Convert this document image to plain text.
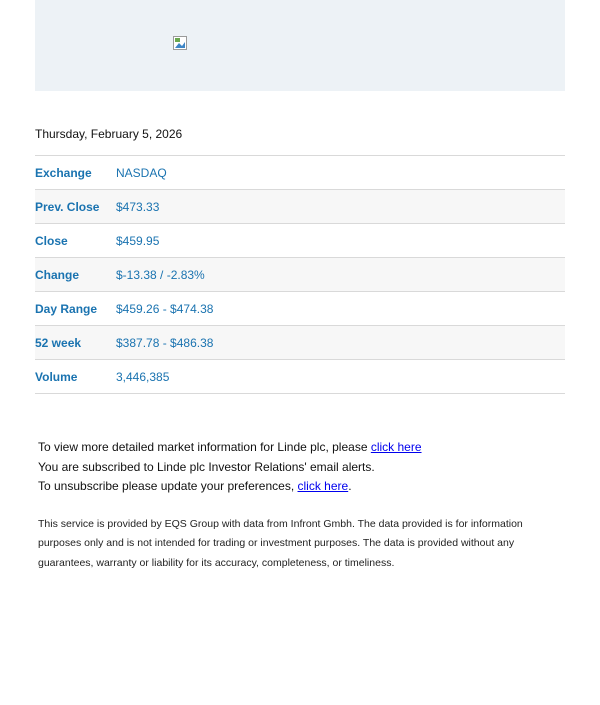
Thursday, February 5, 2026
Exchange	NASDAQ
Prev. Close	$473.33
Close	$459.95
Change	$-13.38 / -2.83%
Day Range	$459.26 - $474.38
52 week	$387.78 - $486.38
Volume	3,446,385
To view more detailed market information for Linde plc, please click here
You are subscribed to Linde plc Investor Relations' email alerts.
To unsubscribe please update your preferences, click here.
This service is provided by EQS Group with data from Infront Gmbh. The data provided is for information purposes only and is not intended for trading or investment purposes. The data is provided without any guarantees, warranty or liability for its accuracy, completeness, or timeliness.
